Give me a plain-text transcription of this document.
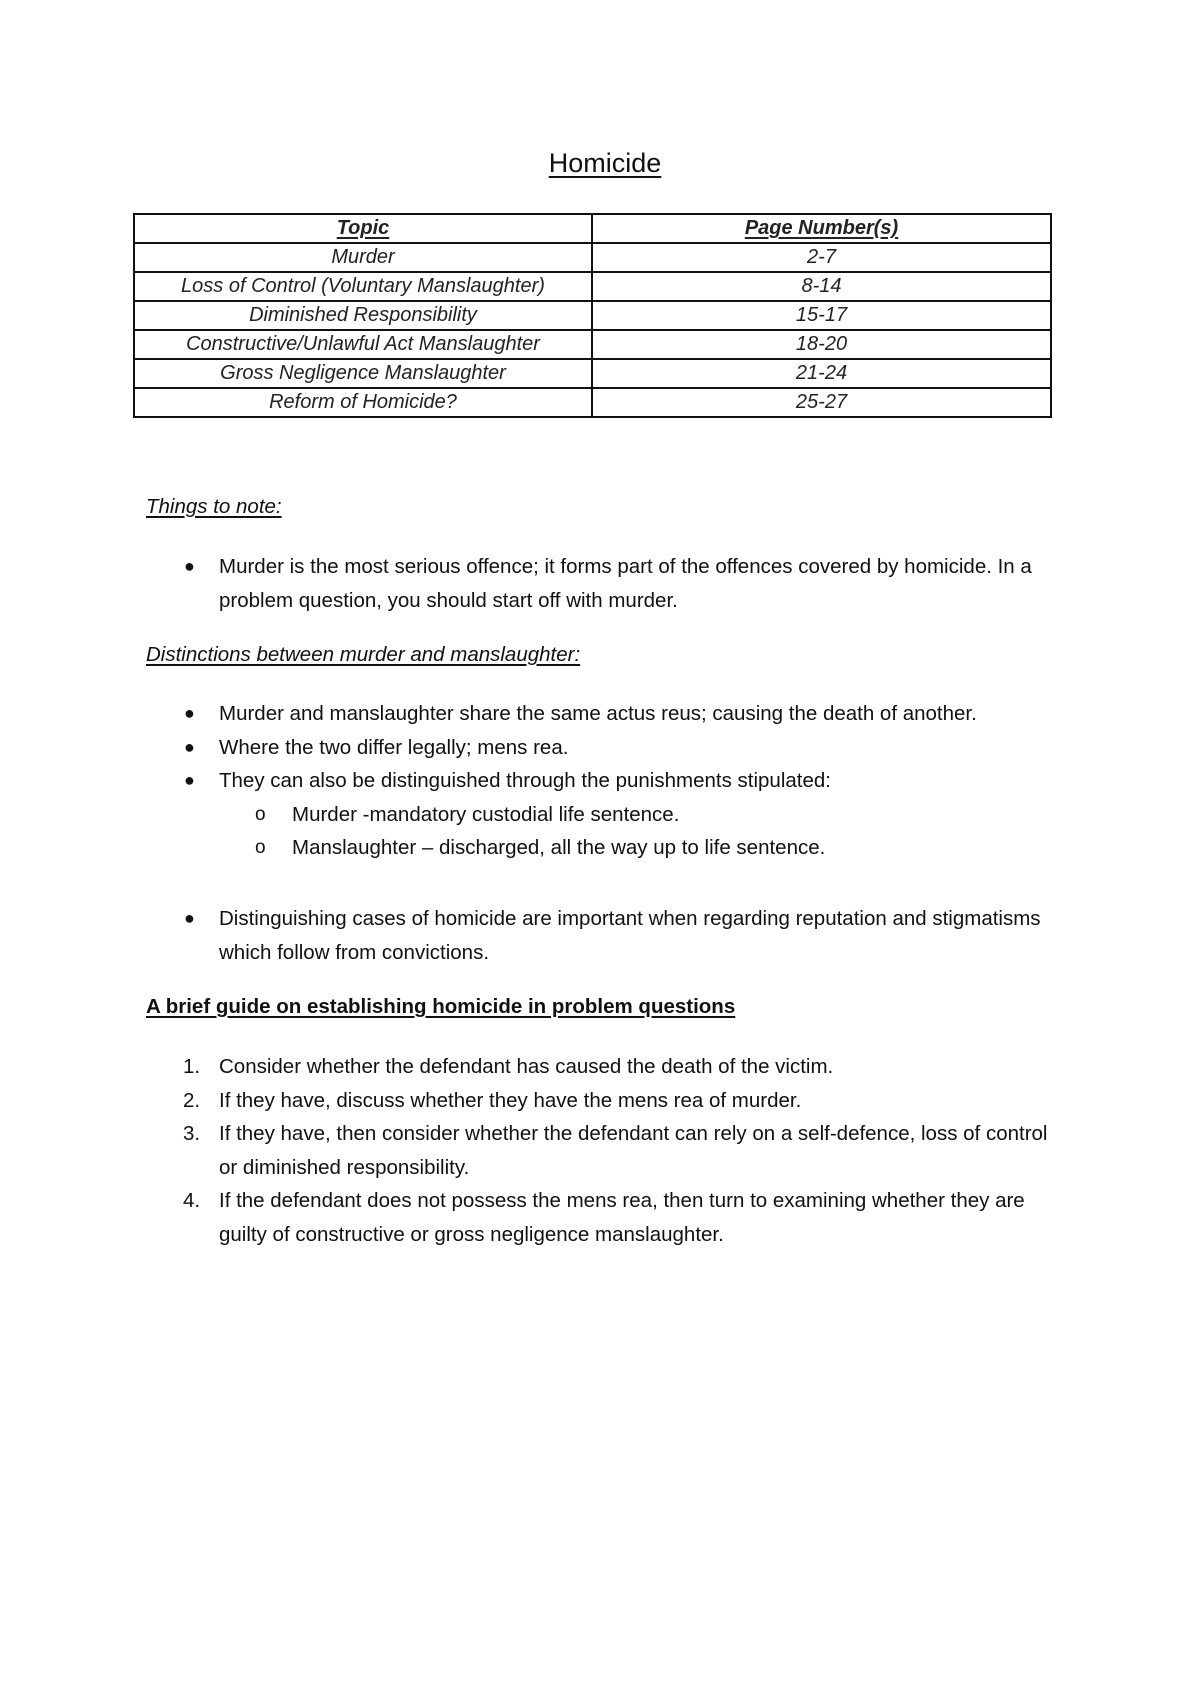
Homicide
Topic	Page Number(s)
Murder	2-7
Loss of Control (Voluntary Manslaughter)	8-14
Diminished Responsibility	15-17
Constructive/Unlawful Act Manslaughter	18-20
Gross Negligence Manslaughter	21-24
Reform of Homicide?	25-27

Things to note:

● Murder is the most serious offence; it forms part of the offences covered by homicide. In a problem question, you should start off with murder.

Distinctions between murder and manslaughter:

● Murder and manslaughter share the same actus reus; causing the death of another.
● Where the two differ legally; mens rea.
● They can also be distinguished through the punishments stipulated:
o Murder -mandatory custodial life sentence.
o Manslaughter – discharged, all the way up to life sentence.
● Distinguishing cases of homicide are important when regarding reputation and stigmatisms which follow from convictions.

A brief guide on establishing homicide in problem questions

1. Consider whether the defendant has caused the death of the victim.
2. If they have, discuss whether they have the mens rea of murder.
3. If they have, then consider whether the defendant can rely on a self-defence, loss of control or diminished responsibility.
4. If the defendant does not possess the mens rea, then turn to examining whether they are guilty of constructive or gross negligence manslaughter.
